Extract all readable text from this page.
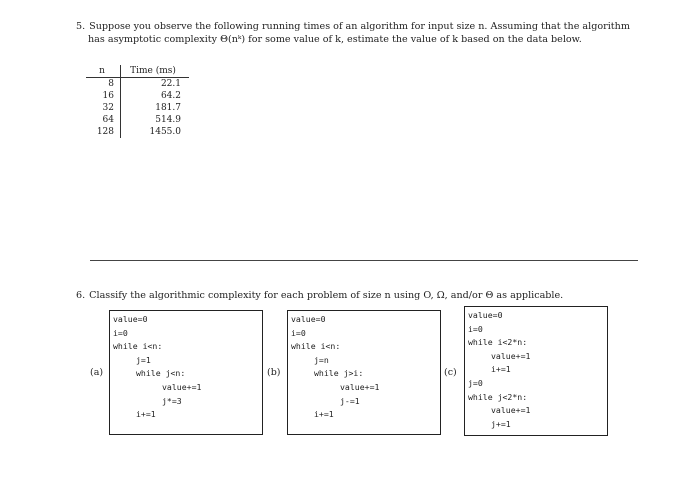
5. Suppose you observe the following running times of an algorithm for input size n. Assuming that the algorithm
has asymptotic complexity Θ(nᵏ) for some value of k, estimate the value of k based on the data below.
n	Time (ms)
8	22.1
16	64.2
32	181.7
64	514.9
128	1455.0
6. Classify the algorithmic complexity for each problem of size n using O, Ω, and/or Θ as applicable.
(a)
value=0
i=0
while i<n:
j=1
while j<n:
value+=1
j*=3
i+=1
(b)
value=0
i=0
while i<n:
j=n
while j>i:
value+=1
j-=1
i+=1
(c)
value=0
i=0
while i<2*n:
value+=1
i+=1
j=0
while j<2*n:
value+=1
j+=1
